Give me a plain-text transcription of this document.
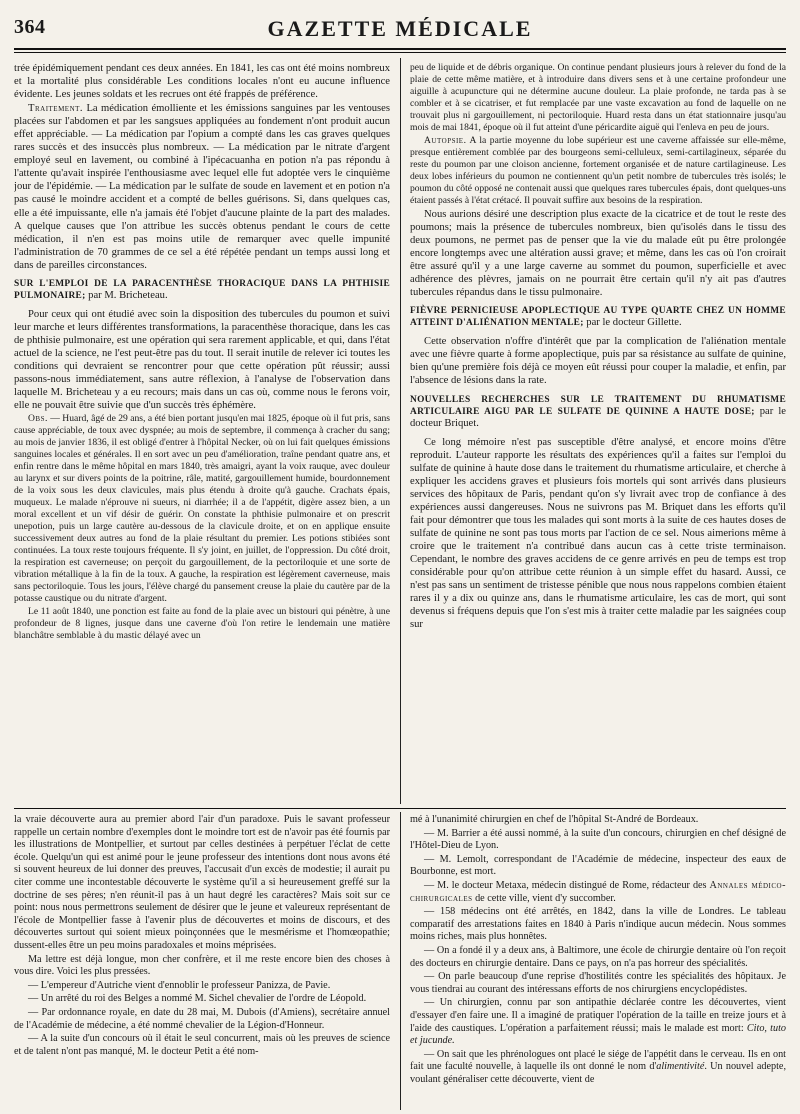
364	GAZETTE MÉDICALE

trée épidémiquement pendant ces deux années. En 1841, les cas ont été moins nombreux et la mortalité plus considérable Les conditions locales n'ont eu aucune influence évidente. Les jeunes soldats et les recrues ont été frappés de préférence.

Traitement. La médication émolliente et les émissions sanguines par les ventouses placées sur l'abdomen et par les sangsues appliquées au fondement n'ont produit aucun effet appréciable. — La médication par l'opium a compté dans les cas graves quelques rares succès et des insuccès plus nombreux. — La médication par le nitrate d'argent employé seul en lavement, ou combiné à l'ipécacuanha en potion n'a pas répondu à l'attente qu'avait inspirée l'enthousiasme avec lequel elle fut adoptée vers le cinquième jour de l'épidémie. — La médication par le sulfate de soude en lavement et en potion n'a pas causé le moindre accident et a compté de belles guérisons. Si, dans quelques cas, elle a été impuissante, elle n'a jamais été l'objet d'aucune plainte de la part des malades. A quelque causes que l'on attribue les succès obtenus pendant le cours de cette médication, il n'en est pas moins utile de remarquer avec quelle impunité l'administration de 70 grammes de ce sel a été répétée pendant un temps aussi long et dans de pareilles circonstances.

SUR L'EMPLOI DE LA PARACENTHÈSE THORACIQUE DANS LA PHTHISIE PULMONAIRE; par M. Bricheteau.

Pour ceux qui ont étudié avec soin la disposition des tubercules du poumon et suivi leur marche et leurs différentes transformations, la paracenthèse thoracique, dans les cas de phthisie pulmonaire, est une opération qui sera rarement applicable, et qui, dans l'état actuel de la science, ne l'est peut-être pas du tout. Il serait inutile de relever ici toutes les conditions qui devraient se rencontrer pour que cette opération pût réussir; aussi passons-nous immédiatement, sans autre réflexion, à l'analyse de l'observation dans laquelle M. Bricheteau y a eu recours; mais dans un cas où, comme nous le ferons voir, elle ne pouvait être suivie que d'un succès très éphémère.

Obs. — Huard, âgé de 29 ans, a été bien portant jusqu'en mai 1825, époque où il fut pris, sans cause appréciable, de toux avec dyspnée; au mois de septembre, il commença à cracher du sang; au mois de janvier 1836, il est obligé d'entrer à l'hôpital Necker, où on lui fait quelques émissions sanguines locales et générales. Il en sort avec un peu d'amélioration, traîne pendant quatre ans, et enfin rentre dans le même hôpital en mars 1840, très amaigri, ayant la voix rauque, avec douleur au larynx et sur divers points de la poitrine, râle, matité, gargouillement humide, bourdonnement de la voix sous les deux clavicules, mais plus étendu à droite qu'à gauche. Crachats épais, muqueux. Le malade n'éprouve ni sueurs, ni diarrhée; il a de l'appétit, digère assez bien, a un moral excellent et un vif désir de guérir. On constate la phthisie pulmonaire et on prescrit unepotion, puis un large cautère au-dessous de la clavicule droite, et on en applique ensuite successivement deux autres au fond de la plaie résultant du premier. Les potions stibiées sont continuées. La toux reste toujours fréquente. Il s'y joint, en juillet, de l'oppression. Du côté droit, la respiration est caverneuse; on perçoit du gargouillement, de la pectoriloquie et une sorte de vibration métallique à la fin de la toux. A gauche, la respiration est légèrement caverneuse, mais sans pectoriloquie. Tous les jours, l'élève chargé du pansement creuse la plaie du cautère par de la potasse caustique ou du nitrate d'argent.

Le 11 août 1840, une ponction est faite au fond de la plaie avec un bistouri qui pénètre, à une profondeur de 8 lignes, jusque dans une caverne d'où l'on retire le lendemain une matière blanchâtre semblable à du mastic délayé avec un

peu de liquide et de débris organique. On continue pendant plusieurs jours à relever du fond de la plaie de cette même matière, et à introduire dans divers sens et à une certaine profondeur une aiguille à acupuncture qui ne détermine aucune douleur. La plaie profonde, ne tarda pas à se combler et à se cicatriser, et fut remplacée par une vaste excavation au fond de laquelle on ne trouvait plus ni gargouillement, ni pectoriloquie. Huard resta dans un état stationnaire jusqu'au mois de mai 1841, époque où il fut atteint d'une péricardite aiguë qui l'enleva en peu de jours.

Autopsie. A la partie moyenne du lobe supérieur est une caverne affaissée sur elle-même, presque entièrement comblée par des bourgeons semi-celluleux, semi-cartilagineux, séparée du reste du poumon par une cloison ancienne, fortement organisée et de nature cartilagineuse. Les deux lobes inférieurs du poumon ne contiennent qu'un petit nombre de tubercules très isolés; le poumon du côté opposé ne contenait aussi que quelques rares tubercules épais, dont quelques-uns étaient passés à l'état crétacé. Il pouvait suffire aux besoins de la respiration.

Nous aurions désiré une description plus exacte de la cicatrice et de tout le reste des poumons; mais la présence de tubercules nombreux, bien qu'isolés dans le tissu des deux poumons, ne permet pas de penser que la vie du malade eût pu être prolongée encore longtemps avec une altération aussi grave; et même, dans les cas où l'on croirait être assuré qu'il y a une large caverne au sommet du poumon, superficielle et avec adhérence des plèvres, jamais on ne pourrait être certain qu'il n'y ait pas d'autres tubercules répandus dans le tissu pulmonaire.

FIÈVRE PERNICIEUSE APOPLECTIQUE AU TYPE QUARTE CHEZ UN HOMME ATTEINT D'ALIÉNATION MENTALE; par le docteur Gillette.

Cette observation n'offre d'intérêt que par la complication de l'aliénation mentale avec une fièvre quarte à forme apoplectique, puis par sa résistance au sulfate de quinine, bien qu'une première fois déjà ce moyen eût réussi pour couper la maladie, et enfin, par l'absence de lésions dans la rate.

NOUVELLES RECHERCHES SUR LE TRAITEMENT DU RHUMATISME ARTICULAIRE AIGU PAR LE SULFATE DE QUININE A HAUTE DOSE; par le docteur Briquet.

Ce long mémoire n'est pas susceptible d'être analysé, et encore moins d'être reproduit. L'auteur rapporte les résultats des expériences qu'il a faites sur l'emploi du sulfate de quinine à haute dose dans le traitement du rhumatisme articulaire, et cherche à expliquer les accidens graves et plusieurs fois mortels qui sont arrivés dans plusieurs services des hôpitaux de Paris, pendant qu'on s'y livrait avec trop de confiance à des expériences aussi dangereuses. Nous ne suivrons pas M. Briquet dans les efforts qu'il fait pour démontrer que tous les malades qui sont morts à la suite de ces hautes doses de sulfate de quinine ne sont pas tous morts par l'action de ce sel. Nous aimerions même à croire que le traitement n'a contribué dans aucun cas à cette triste terminaison. Cependant, le nombre des graves accidens de ce genre arrivés en peu de temps est trop considérable pour qu'on attribue cette réunion à un simple effet du hasard. Aussi, ce n'est pas sans un sentiment de tristesse pénible que nous nous rappelons combien étaient rares il y a dix ou quinze ans, dans le rhumatisme articulaire, les cas de mort, qui sont devenus si fréquens depuis que l'on s'est mis à traiter cette maladie par les saignées coup sur

la vraie découverte aura au premier abord l'air d'un paradoxe. Puis le savant professeur rappelle un certain nombre d'exemples dont le moindre tort est de n'avoir pas été fournis par les illustrations de Montpellier, et surtout par celles destinées à perpétuer l'éclat de cette école. Quelqu'un qui est animé pour le jeune professeur des intentions dont nous avons été si souvent heureux de lui donner des preuves, l'accusait d'un excès de modestie; il aurait pu citer comme une incontestable découverte le système qu'il a si heureusement greffé sur la doctrine de ses pères; n'en réunit-il pas à un haut degré les caractères? Mais soit sur ce point: nous nous permettrons seulement de désirer que le jeune et valeureux représentant de l'école de Montpellier fasse à l'avenir plus de découvertes et moins de discours, et des découvertes surtout qui soient mieux poinçonnées que le mesmérisme et l'homœopathie; dussent-elles être un peu moins paradoxales et moins méprisées.

Ma lettre est déjà longue, mon cher confrère, et il me reste encore bien des choses à vous dire. Voici les plus pressées.

— L'empereur d'Autriche vient d'ennoblir le professeur Panizza, de Pavie.

— Un arrêté du roi des Belges a nommé M. Sichel chevalier de l'ordre de Léopold.

— Par ordonnance royale, en date du 28 mai, M. Dubois (d'Amiens), secrétaire annuel de l'Académie de médecine, a été nommé chevalier de la Légion-d'Honneur.

— A la suite d'un concours où il était le seul concurrent, mais où les preuves de science et de talent n'ont pas manqué, M. le docteur Petit a été nom-

mé à l'unanimité chirurgien en chef de l'hôpital St-André de Bordeaux.

— M. Barrier a été aussi nommé, à la suite d'un concours, chirurgien en chef désigné de l'Hôtel-Dieu de Lyon.

— M. Lemolt, correspondant de l'Académie de médecine, inspecteur des eaux de Bourbonne, est mort.

— M. le docteur Metaxa, médecin distingué de Rome, rédacteur des Annales médico-chirurgicales de cette ville, vient d'y succomber.

— 158 médecins ont été arrêtés, en 1842, dans la ville de Londres. Le tableau comparatif des arrestations faites en 1840 à Paris n'indique aucun médecin. Nous sommes moins riches, mais plus honnêtes.

— On a fondé il y a deux ans, à Baltimore, une école de chirurgie dentaire où l'on reçoit des docteurs en chirurgie dentaire. Dans ce pays, on n'a pas horreur des spécialités.

— On parle beaucoup d'une reprise d'hostilités contre les spécialités des hôpitaux. Je vous tiendrai au courant des intéressans efforts de nos chirurgiens encyclopédistes.

— Un chirurgien, connu par son antipathie déclarée contre les découvertes, vient d'essayer d'en faire une. Il a imaginé de pratiquer l'opération de la taille en treize jours et à l'aide des caustiques. L'opération a parfaitement réussi; mais le malade est mort: Cito, tuto et jucunde.

— On sait que les phrénologues ont placé le siége de l'appétit dans le cerveau. Ils en ont fait une faculté nouvelle, à laquelle ils ont donné le nom d'alimentivité. Un nouvel adepte, voulant généraliser cette découverte, vient de
